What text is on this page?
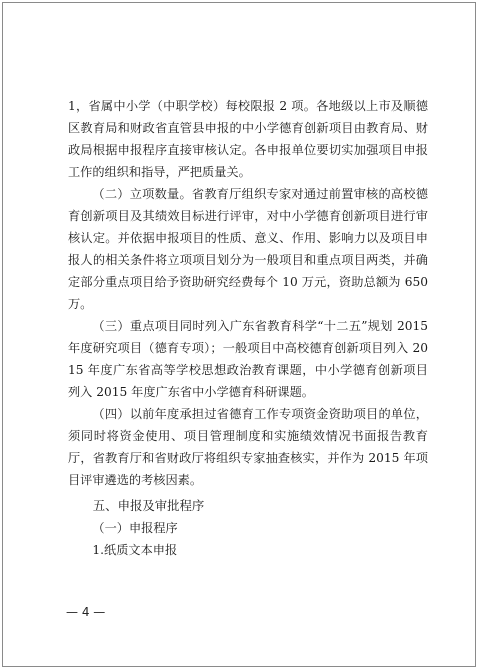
1，省属中小学（中职学校）每校限报 2 项。各地级以上市及顺德区教育局和财政省直管县申报的中小学德育创新项目由教育局、财政局根据申报程序直接审核认定。各申报单位要切实加强项目申报工作的组织和指导，严把质量关。

（二）立项数量。省教育厅组织专家对通过前置审核的高校德育创新项目及其绩效目标进行评审，对中小学德育创新项目进行审核认定。并依据申报项目的性质、意义、作用、影响力以及项目申报人的相关条件将立项项目划分为一般项目和重点项目两类，并确定部分重点项目给予资助研究经费每个 10 万元，资助总额为 650 万。

（三）重点项目同时列入广东省教育科学“十二五”规划 2015 年度研究项目（德育专项）；一般项目中高校德育创新项目列入 2015 年度广东省高等学校思想政治教育课题，中小学德育创新项目列入 2015 年度广东省中小学德育科研课题。

（四）以前年度承担过省德育工作专项资金资助项目的单位，须同时将资金使用、项目管理制度和实施绩效情况书面报告教育厅，省教育厅和省财政厅将组织专家抽查核实，并作为 2015 年项目评审遴选的考核因素。

五、申报及审批程序

（一）申报程序

1.纸质文本申报

— 4 —
